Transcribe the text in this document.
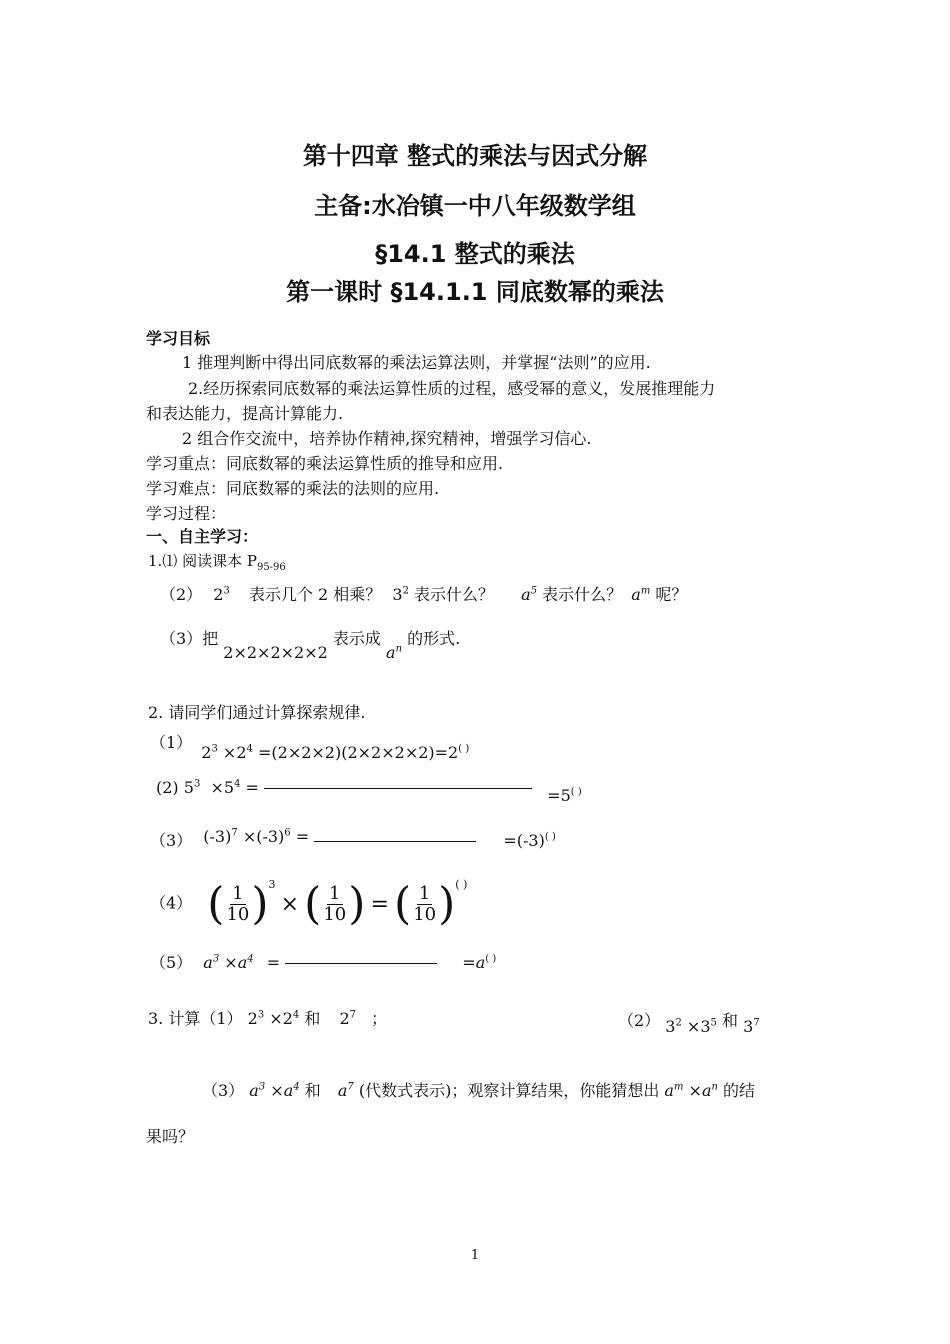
第十四章 整式的乘法与因式分解
主备:水冶镇一中八年级数学组
§14.1 整式的乘法
第一课时 §14.1.1 同底数幂的乘法
学习目标
1 推理判断中得出同底数幂的乘法运算法则，并掌握“法则”的应用.
2.经历探索同底数幂的乘法运算性质的过程，感受幂的意义，发展推理能力
和表达能力，提高计算能力.
2 组合作交流中，培养协作精神,探究精神，增强学习信心.
学习重点：同底数幂的乘法运算性质的推导和应用.
学习难点：同底数幂的乘法的法则的应用.
学习过程：
一、自主学习：
1.⑴ 阅读课本 $P_{95-96}$
（2） $2^3$ 表示几个 2 相乘？ $3^2$ 表示什么？ $a^5$ 表示什么？ $a^m$ 呢？
（3）把 2×2×2×2×2 表示成 $a^n$ 的形式.
2. 请同学们通过计算探索规律.
（1） $2^3 \times 2^4 =(2\times 2\times 2)(2\times 2\times 2\times 2)=2^{( )}$
(2) $5^3 \times 5^4$ =	=5( )
（3） $(-3)^7 \times(-3)^6$ =	=(-3)( )
（4） ( $\frac{1}{10} )^3$ × ( $\frac{1}{10}$ ) = ( $\frac{1}{10} )^{( )}$
（5） $a^3 \times a^4$ =	=a( )
3. 计算（1） $2^3 \times 2^4$ 和 $2^7$ ；	（2） $3^2 \times 3^5$ 和 $3^7$
（3） $a^3 \times a^4$ 和 $a^7$ (代数式表示)；观察计算结果，你能猜想出 $a^m \times a^n$ 的结
果吗？
1
